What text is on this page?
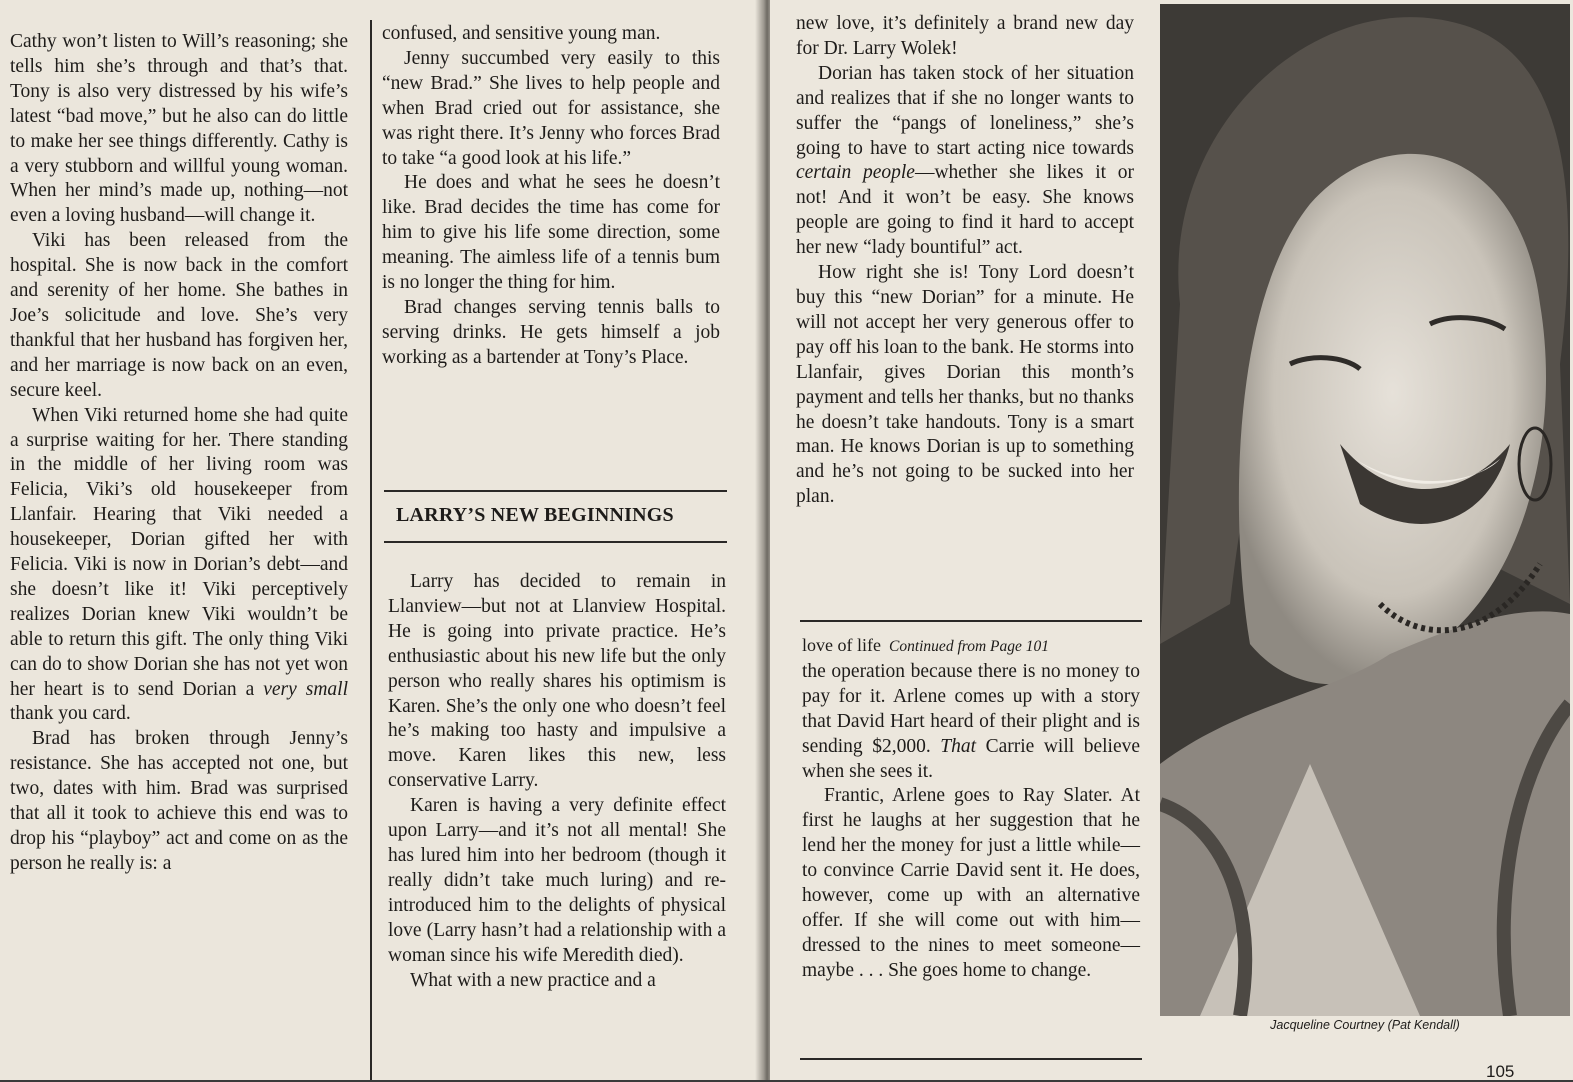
Cathy won’t listen to Will’s reasoning; she tells him she’s through and that’s that. Tony is also very distressed by his wife’s latest “bad move,” but he also can do little to make her see things differently. Cathy is a very stubborn and willful young woman. When her mind’s made up, nothing—not even a loving husband—will change it.

Viki has been released from the hospital. She is now back in the comfort and serenity of her home. She bathes in Joe’s solicitude and love. She’s very thankful that her husband has forgiven her, and her marriage is now back on an even, secure keel.

When Viki returned home she had quite a surprise waiting for her. There standing in the middle of her living room was Felicia, Viki’s old housekeeper from Llanfair. Hearing that Viki needed a housekeeper, Dorian gifted her with Felicia. Viki is now in Dorian’s debt—and she doesn’t like it! Viki perceptively realizes Dorian knew Viki wouldn’t be able to return this gift. The only thing Viki can do to show Dorian she has not yet won her heart is to send Dorian a very small thank you card.

Brad has broken through Jenny’s resistance. She has accepted not one, but two, dates with him. Brad was surprised that all it took to achieve this end was to drop his “playboy” act and come on as the person he really is: a

confused, and sensitive young man.

Jenny succumbed very easily to this “new Brad.” She lives to help people and when Brad cried out for assistance, she was right there. It’s Jenny who forces Brad to take “a good look at his life.”

He does and what he sees he doesn’t like. Brad decides the time has come for him to give his life some direction, some meaning. The aimless life of a tennis bum is no longer the thing for him.

Brad changes serving tennis balls to serving drinks. He gets himself a job working as a bartender at Tony’s Place.

LARRY’S NEW BEGINNINGS

Larry has decided to remain in Llanview—but not at Llanview Hospital. He is going into private practice. He’s enthusiastic about his new life but the only person who really shares his optimism is Karen. She’s the only one who doesn’t feel he’s making too hasty and impulsive a move. Karen likes this new, less conservative Larry.

Karen is having a very definite effect upon Larry—and it’s not all mental! She has lured him into her bedroom (though it really didn’t take much luring) and re-introduced him to the delights of physical love (Larry hasn’t had a relationship with a woman since his wife Meredith died).

What with a new practice and a

new love, it’s definitely a brand new day for Dr. Larry Wolek!

Dorian has taken stock of her situation and realizes that if she no longer wants to suffer the “pangs of loneliness,” she’s going to have to start acting nice towards certain people—whether she likes it or not! And it won’t be easy. She knows people are going to find it hard to accept her new “lady bountiful” act.

How right she is! Tony Lord doesn’t buy this “new Dorian” for a minute. He will not accept her very generous offer to pay off his loan to the bank. He storms into Llanfair, gives Dorian this month’s payment and tells her thanks, but no thanks he doesn’t take handouts. Tony is a smart man. He knows Dorian is up to something and he’s not going to be sucked into her plan.

love of life Continued from Page 101

the operation because there is no money to pay for it. Arlene comes up with a story that David Hart heard of their plight and is sending $2,000. That Carrie will believe when she sees it.

Frantic, Arlene goes to Ray Slater. At first he laughs at her suggestion that he lend her the money for just a little while—to convince Carrie David sent it. He does, however, come up with an alternative offer. If she will come out with him—dressed to the nines to meet someone—maybe . . . She goes home to change.

Jacqueline Courtney (Pat Kendall)
105
